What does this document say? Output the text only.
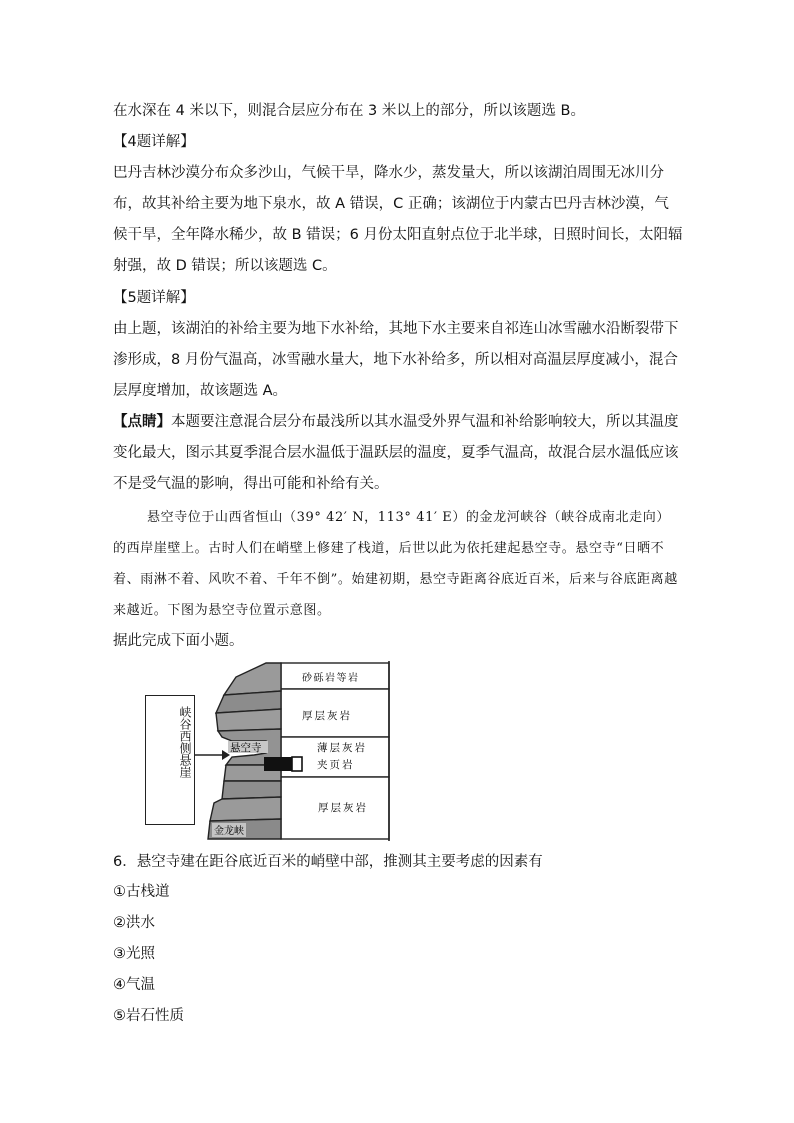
在水深在 4 米以下，则混合层应分布在 3 米以上的部分，所以该题选 B。

【4题详解】

巴丹吉林沙漠分布众多沙山，气候干旱，降水少，蒸发量大，所以该湖泊周围无冰川分布，故其补给主要为地下泉水，故 A 错误，C 正确；该湖位于内蒙古巴丹吉林沙漠，气候干旱，全年降水稀少，故 B 错误；6 月份太阳直射点位于北半球，日照时间长，太阳辐射强，故 D 错误；所以该题选 C。

【5题详解】

由上题，该湖泊的补给主要为地下水补给，其地下水主要来自祁连山冰雪融水沿断裂带下渗形成，8 月份气温高，冰雪融水量大，地下水补给多，所以相对高温层厚度减小，混合层厚度增加，故该题选 A。

【点睛】本题要注意混合层分布最浅所以其水温受外界气温和补给影响较大，所以其温度变化最大，图示其夏季混合层水温低于温跃层的温度，夏季气温高，故混合层水温低应该不是受气温的影响，得出可能和补给有关。

悬空寺位于山西省恒山（39° 42′ N，113° 41′ E）的金龙河峡谷（峡谷成南北走向）的西岸崖壁上。古时人们在峭壁上修建了栈道，后世以此为依托建起悬空寺。悬空寺“日晒不着、雨淋不着、风吹不着、千年不倒”。始建初期，悬空寺距离谷底近百米，后来与谷底距离越来越近。下图为悬空寺位置示意图。

据此完成下面小题。

峡谷西侧悬崖
砂砾岩等岩
厚层灰岩
薄层灰岩
夹页岩
厚层灰岩
悬空寺
金龙峡

6．悬空寺建在距谷底近百米的峭壁中部，推测其主要考虑的因素有

①古栈道

②洪水

③光照

④气温

⑤岩石性质
